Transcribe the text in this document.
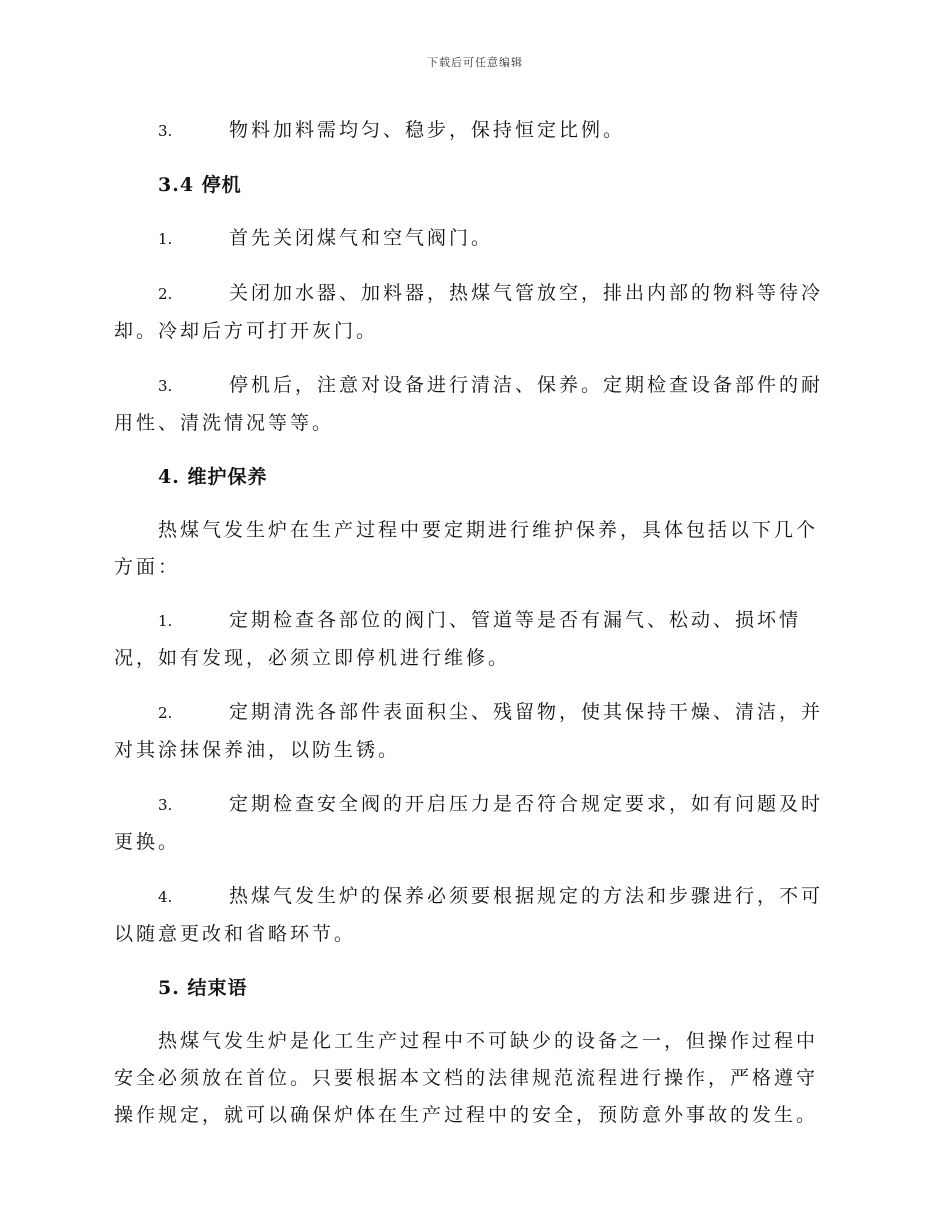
下载后可任意编辑

3.	物料加料需均匀、稳步，保持恒定比例。

3.4 停机

1.	首先关闭煤气和空气阀门。

2.	关闭加水器、加料器，热煤气管放空，排出内部的物料等待冷却。冷却后方可打开灰门。

3.	停机后，注意对设备进行清洁、保养。定期检查设备部件的耐用性、清洗情况等等。

4. 维护保养

热煤气发生炉在生产过程中要定期进行维护保养，具体包括以下几个方面：

1.	定期检查各部位的阀门、管道等是否有漏气、松动、损坏情况，如有发现，必须立即停机进行维修。

2.	定期清洗各部件表面积尘、残留物，使其保持干燥、清洁，并对其涂抹保养油，以防生锈。

3.	定期检查安全阀的开启压力是否符合规定要求，如有问题及时更换。

4.	热煤气发生炉的保养必须要根据规定的方法和步骤进行，不可以随意更改和省略环节。

5. 结束语

热煤气发生炉是化工生产过程中不可缺少的设备之一，但操作过程中安全必须放在首位。只要根据本文档的法律规范流程进行操作，严格遵守操作规定，就可以确保炉体在生产过程中的安全，预防意外事故的发生。
